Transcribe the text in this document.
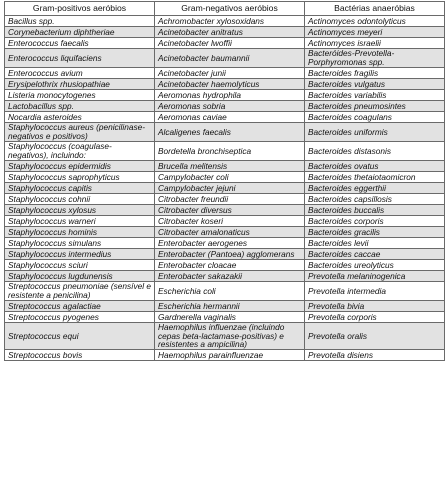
Gram-positivos aeróbios	Gram-negativos aeróbios	Bactérias anaeróbias
Bacillus spp.	Achromobacter xylosoxidans	Actinomyces odontolyticus
Corynebacterium diphtheriae	Acinetobacter anitratus	Actinomyces meyeri
Enterococcus faecalis	Acinetobacter lwoffii	Actinomyces israelii
Enterococcus liquifaciens	Acinetobacter baumannii	Bacteróides-Prevotella-Porphyromonas spp.
Enterococcus avium	Acinetobacter junii	Bacteroides fragilis
Erysipelothrix rhusiopathiae	Acinetobacter haemolyticus	Bacteroides vulgatus
Listeria monocytogenes	Aeromonas hydrophila	Bacteroides variabilis
Lactobacillus spp.	Aeromonas sobria	Bacteroides pneumosintes
Nocardia asteroides	Aeromonas caviae	Bacteroides coagulans
Staphylococcus aureus (penicilinase-negativos e positivos)	Alcaligenes faecalis	Bacteroides uniformis
Staphylococcus (coagulase-negativos), incluindo:	Bordetella bronchiseptica	Bacteroides distasonis
Staphylococcus epidermidis	Brucella melitensis	Bacteroides ovatus
Staphylococcus saprophyticus	Campylobacter coli	Bacteroides thetaiotaomicron
Staphylococcus capitis	Campylobacter jejuni	Bacteroides eggerthii
Staphylococcus cohnii	Citrobacter freundii	Bacteroides capsillosis
Staphylococcus xylosus	Citrobacter diversus	Bacteroides buccalis
Staphylococcus warneri	Citrobacter koseri	Bacteroides corporis
Staphylococcus hominis	Citrobacter amalonaticus	Bacteroides gracilis
Staphylococcus simulans	Enterobacter aerogenes	Bacteroides levii
Staphylococcus intermedius	Enterobacter (Pantoea) agglomerans	Bacteroides caccae
Staphylococcus sciuri	Enterobacter cloacae	Bacteroides ureolyticus
Staphylococcus lugdunensis	Enterobacter sakazakii	Prevotella melaninogenica
Streptococcus pneumoniae (sensível e resistente a penicilina)	Escherichia coli	Prevotella intermedia
Streptococcus agalactiae	Escherichia hermannii	Prevotella bivia
Streptococcus pyogenes	Gardnerella vaginalis	Prevotella corporis
Streptococcus equi	Haemophilus influenzae (incluindo cepas beta-lactamase-positivas) e resistentes a ampicilina)	Prevotella oralis
Streptococcus bovis	Haemophilus parainfluenzae	Prevotella disiens
